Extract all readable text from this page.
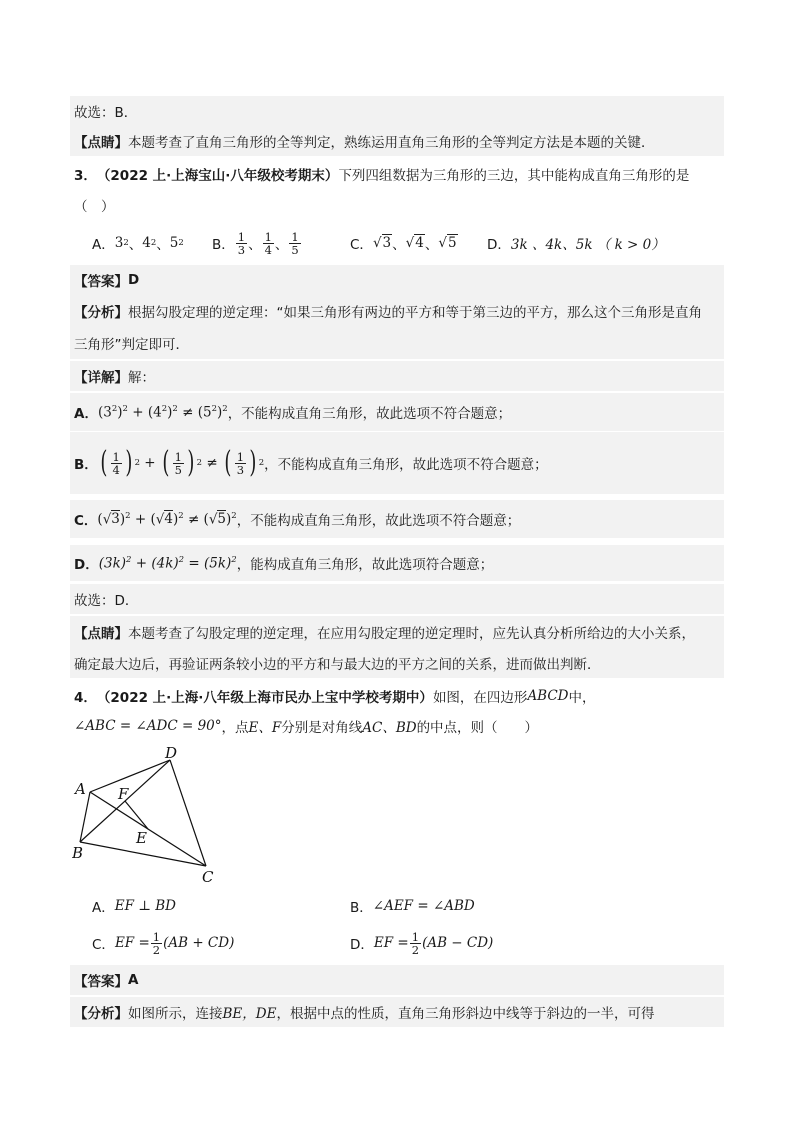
故选：B．
【点睛】 本题考查了直角三角形的全等判定，熟练运用直角三角形的全等判定方法是本题的关键．
3． （2022 上·上海宝山·八年级校考期末） 下列四组数据为三角形的三边，其中能构成直角三角形的是
（　）
A． 3 2 、 4 2 、 5 2 B． $\frac{1}{3}$ 、 $\frac{1}{4}$ 、 $\frac{1}{5}$	C． √3 、 √4 、 √5 D． 3k 、4k、5k （ k > 0）
【答案】 D
【分析】 根据勾股定理的逆定理：“如果三角形有两边的平方和等于第三边的平方，那么这个三角形是直角
三角形”判定即可．
【详解】 解：
A． $(3^2)^2 + (4^2)^2 \ne (5^2)^2$ ，不能构成直角三角形，故此选项不符合题意；
B． ( $\frac{1}{4}$ ) 2 + ( $\frac{1}{5}$ ) 2 ≠ ( $\frac{1}{3}$ ) 2 ，不能构成直角三角形，故此选项不符合题意；
C． $(√3)^2 + (√4)^2 \ne (√5)^2$ ，不能构成直角三角形，故此选项不符合题意；
D． $(3k)^2 + (4k)^2 = (5k)^2$ ，能构成直角三角形，故此选项符合题意；
故选：D．
【点睛】 本题考查了勾股定理的逆定理，在应用勾股定理的逆定理时，应先认真分析所给边的大小关系，
确定最大边后，再验证两条较小边的平方和与最大边的平方之间的关系，进而做出判断．
4． （2022 上·上海·八年级上海市民办上宝中学校考期中） 如图，在四边形 ABCD 中，
∠ABC = ∠ADC = 90° ，点 E、F 分别是对角线 AC、BD 的中点，则（　　）
A
B
C
D
E
F
A． EF ⊥ BD	B． ∠AEF = ∠ABD
C． EF = $\frac{1}{2} (AB + CD)$	D． EF = $\frac{1}{2} (AB - CD)$
【答案】 A
【分析】 如图所示，连接 BE，DE ，根据中点的性质，直角三角形斜边中线等于斜边的一半，可得
